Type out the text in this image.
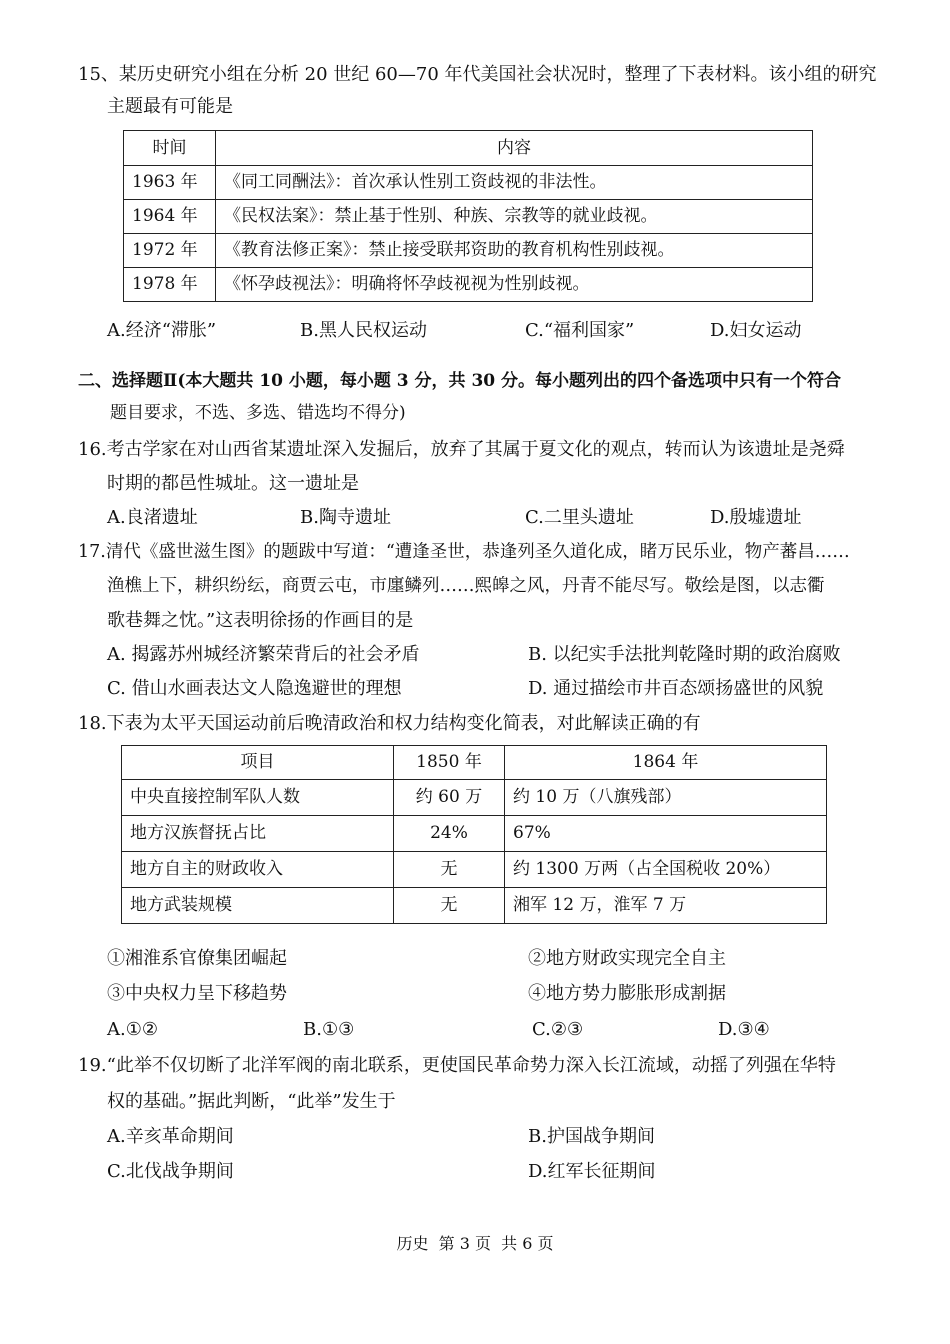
15、某历史研究小组在分析 20 世纪 60—70 年代美国社会状况时，整理了下表材料。该小组的研究
主题最有可能是
时间	内容
1963 年	《同工同酬法》：首次承认性别工资歧视的非法性。
1964 年	《民权法案》：禁止基于性别、种族、宗教等的就业歧视。
1972 年	《教育法修正案》：禁止接受联邦资助的教育机构性别歧视。
1978 年	《怀孕歧视法》：明确将怀孕歧视视为性别歧视。
A.经济“滞胀”	B.黑人民权运动	C.“福利国家”	D.妇女运动
二、选择题Ⅱ(本大题共 10 小题，每小题 3 分，共 30 分。每小题列出的四个备选项中只有一个符合
题目要求，不选、多选、错选均不得分)
16.考古学家在对山西省某遗址深入发掘后，放弃了其属于夏文化的观点，转而认为该遗址是尧舜
时期的都邑性城址。这一遗址是
A.良渚遗址	B.陶寺遗址	C.二里头遗址	D.殷墟遗址
17.清代《盛世滋生图》的题跋中写道：“遭逢圣世，恭逢列圣久道化成，睹万民乐业，物产蕃昌……
渔樵上下，耕织纷纭，商贾云屯，市廛鳞列……熙皞之风，丹青不能尽写。敬绘是图，以志衢
歌巷舞之忱。”这表明徐扬的作画目的是
A. 揭露苏州城经济繁荣背后的社会矛盾	B. 以纪实手法批判乾隆时期的政治腐败
C. 借山水画表达文人隐逸避世的理想	D. 通过描绘市井百态颂扬盛世的风貌
18.下表为太平天国运动前后晚清政治和权力结构变化简表，对此解读正确的有
项目	1850 年	1864 年
中央直接控制军队人数	约 60 万	约 10 万（八旗残部）
地方汉族督抚占比	24%	67%
地方自主的财政收入	无	约 1300 万两（占全国税收 20%）
地方武装规模	无	湘军 12 万，淮军 7 万
①湘淮系官僚集团崛起	②地方财政实现完全自主
③中央权力呈下移趋势	④地方势力膨胀形成割据
A.①②	B.①③	C.②③	D.③④
19.“此举不仅切断了北洋军阀的南北联系，更使国民革命势力深入长江流域，动摇了列强在华特
权的基础。”据此判断，“此举”发生于
A.辛亥革命期间	B.护国战争期间
C.北伐战争期间	D.红军长征期间
历史  第 3 页  共 6 页
